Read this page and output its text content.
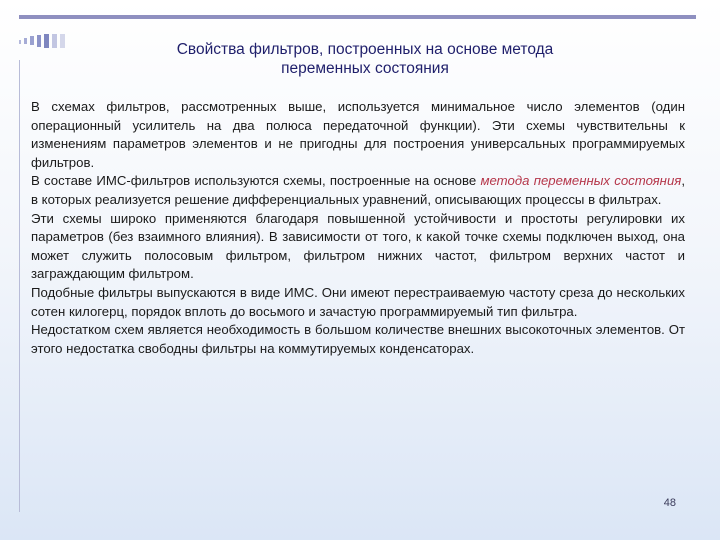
Свойства фильтров, построенных на основе метода
переменных состояния

В схемах фильтров, рассмотренных выше, используется минимальное число элементов (один операционный усилитель на два полюса передаточной функции). Эти схемы чувствительны к изменениям параметров элементов и не пригодны для построения универсальных программируемых фильтров.

В составе ИМС-фильтров используются схемы, построенные на основе метода переменных состояния, в которых реализуется решение дифференциальных уравнений, описывающих процессы в фильтрах.

Эти схемы широко применяются благодаря повышенной устойчивости и простоты регулировки их параметров (без взаимного влияния). В зависимости от того, к какой точке схемы подключен выход, она может служить полосовым фильтром, фильтром нижних частот, фильтром верхних частот и заграждающим фильтром.

Подобные фильтры выпускаются в виде ИМС. Они имеют перестраиваемую частоту среза до нескольких сотен килогерц, порядок вплоть до восьмого и зачастую программируемый тип фильтра.

Недостатком схем является необходимость в большом количестве внешних высокоточных элементов. От этого недостатка свободны фильтры на коммутируемых конденсаторах.

48
